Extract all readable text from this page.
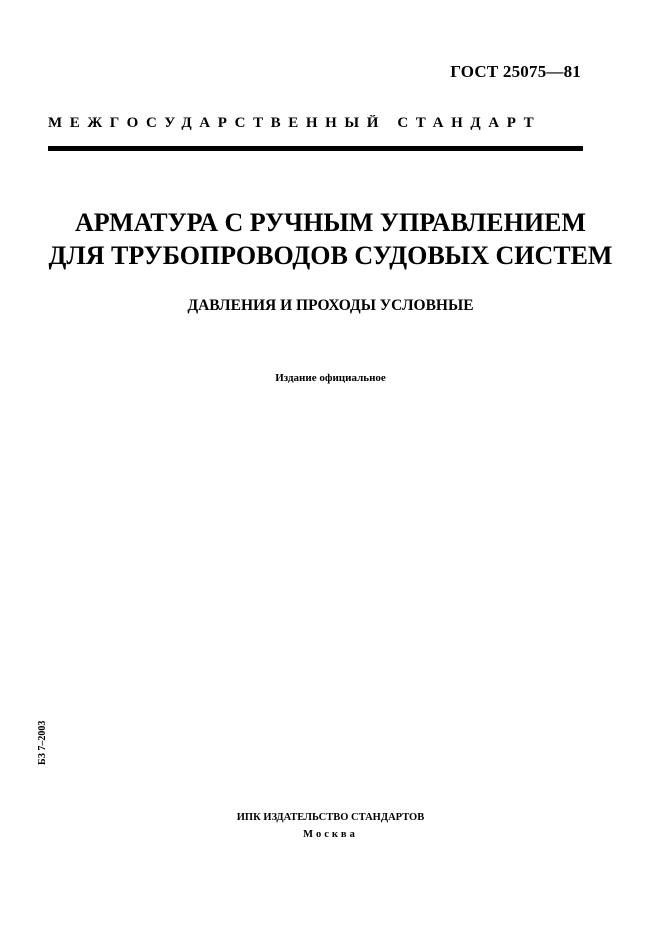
ГОСТ 25075—81
МЕЖГОСУДАРСТВЕННЫЙ СТАНДАРТ
АРМАТУРА С РУЧНЫМ УПРАВЛЕНИЕМ
ДЛЯ ТРУБОПРОВОДОВ СУДОВЫХ СИСТЕМ
ДАВЛЕНИЯ И ПРОХОДЫ УСЛОВНЫЕ
Издание официальное
БЗ 7–2003
ИПК ИЗДАТЕЛЬСТВО СТАНДАРТОВ
Москва
